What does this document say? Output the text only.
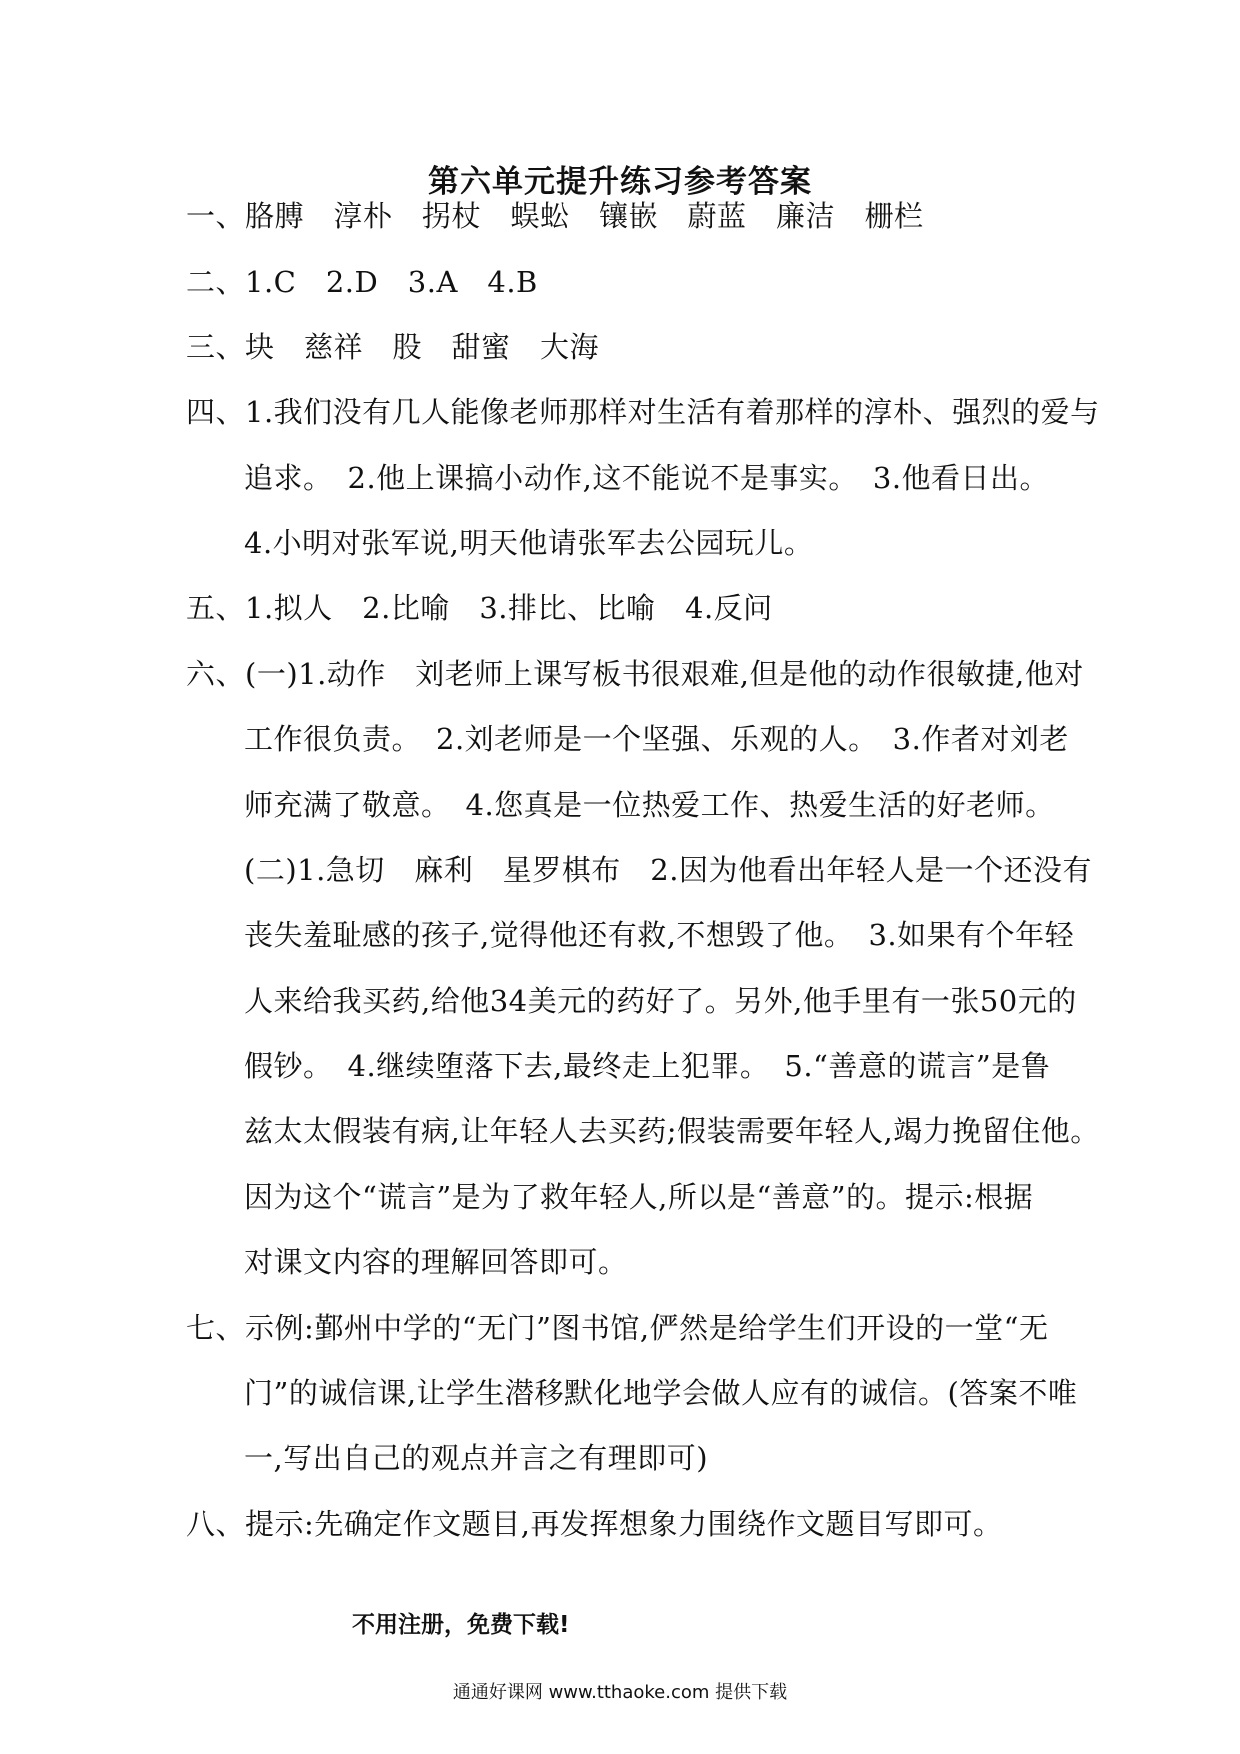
第六单元提升练习参考答案
一、胳膊　淳朴　拐杖　蜈蚣　镶嵌　蔚蓝　廉洁　栅栏
二、1.C　2.D　3.A　4.B
三、块　慈祥　股　甜蜜　大海
四、1.我们没有几人能像老师那样对生活有着那样的淳朴、强烈的爱与
追求。　2.他上课搞小动作,这不能说不是事实。　3.他看日出。
4.小明对张军说,明天他请张军去公园玩儿。
五、1.拟人　2.比喻　3.排比、比喻　4.反问
六、(一)1.动作　刘老师上课写板书很艰难,但是他的动作很敏捷,他对
工作很负责。　2.刘老师是一个坚强、乐观的人。　3.作者对刘老
师充满了敬意。　4.您真是一位热爱工作、热爱生活的好老师。
(二)1.急切　麻利　星罗棋布　2.因为他看出年轻人是一个还没有
丧失羞耻感的孩子,觉得他还有救,不想毁了他。　3.如果有个年轻
人来给我买药,给他34美元的药好了。另外,他手里有一张50元的
假钞。　4.继续堕落下去,最终走上犯罪。　5.“善意的谎言”是鲁
兹太太假装有病,让年轻人去买药;假装需要年轻人,竭力挽留住他。
因为这个“谎言”是为了救年轻人,所以是“善意”的。提示:根据
对课文内容的理解回答即可。
七、示例:鄞州中学的“无门”图书馆,俨然是给学生们开设的一堂“无
门”的诚信课,让学生潜移默化地学会做人应有的诚信。(答案不唯
一,写出自己的观点并言之有理即可)
八、提示:先确定作文题目,再发挥想象力围绕作文题目写即可。
不用注册，免费下载!
通通好课网 www.tthaoke.com 提供下载
